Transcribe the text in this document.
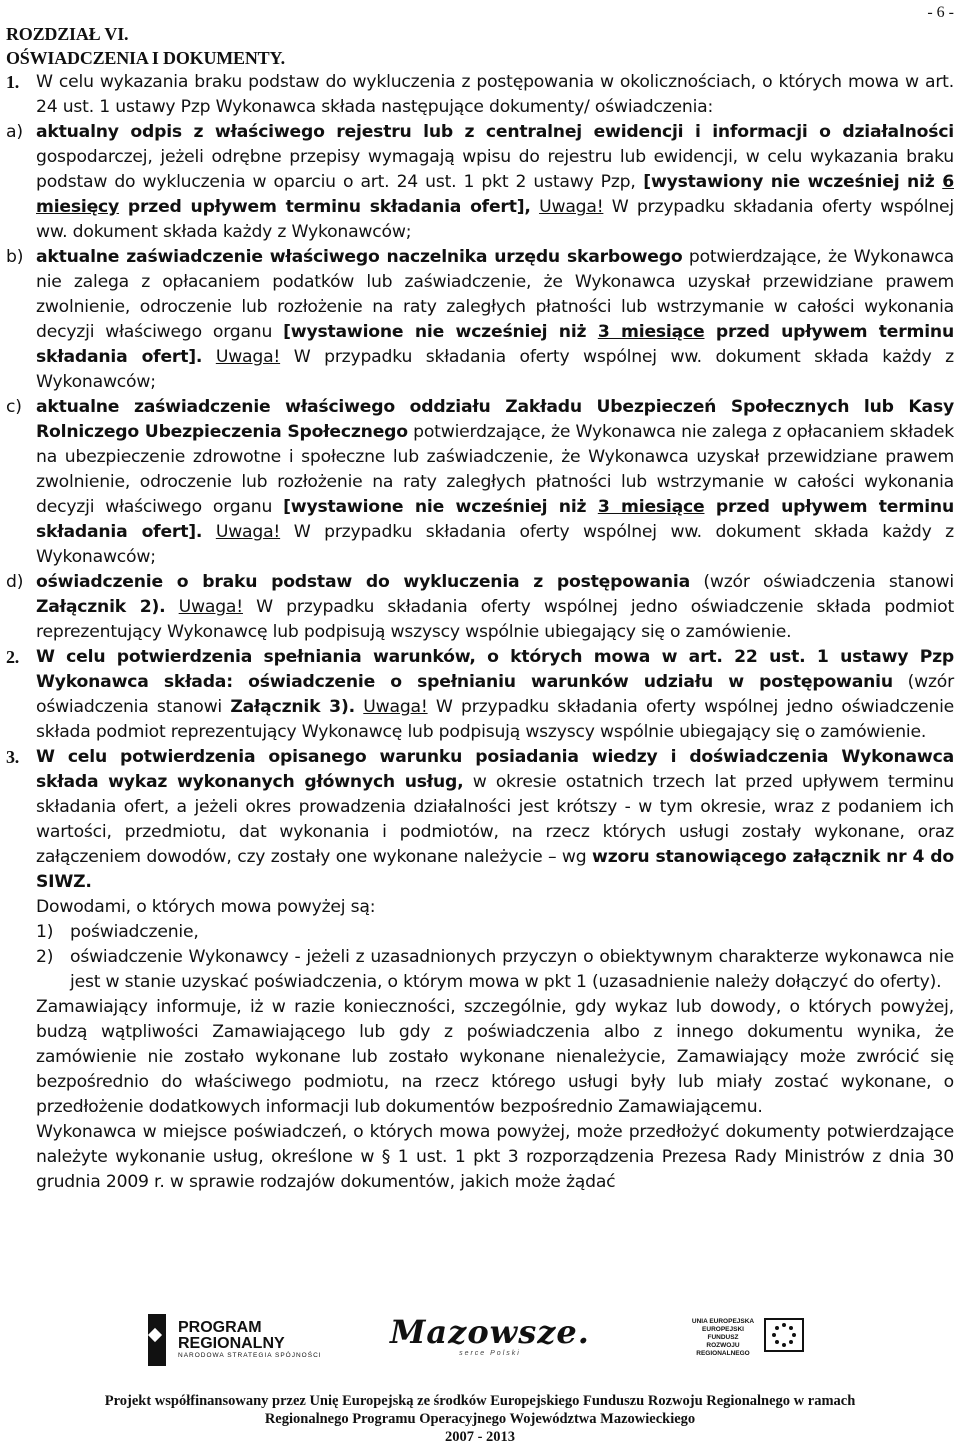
- 6 -
ROZDZIAŁ VI.
OŚWIADCZENIA I DOKUMENTY.
1. W celu wykazania braku podstaw do wykluczenia z postępowania w okolicznościach, o których mowa w art. 24 ust. 1 ustawy Pzp Wykonawca składa następujące dokumenty/ oświadczenia:
a) aktualny odpis z właściwego rejestru lub z centralnej ewidencji i informacji o działalności gospodarczej, jeżeli odrębne przepisy wymagają wpisu do rejestru lub ewidencji, w celu wykazania braku podstaw do wykluczenia w oparciu o art. 24 ust. 1 pkt 2 ustawy Pzp, [wystawiony nie wcześniej niż 6 miesięcy przed upływem terminu składania ofert], Uwaga! W przypadku składania oferty wspólnej ww. dokument składa każdy z Wykonawców;
b) aktualne zaświadczenie właściwego naczelnika urzędu skarbowego potwierdzające, że Wykonawca nie zalega z opłacaniem podatków lub zaświadczenie, że Wykonawca uzyskał przewidziane prawem zwolnienie, odroczenie lub rozłożenie na raty zaległych płatności lub wstrzymanie w całości wykonania decyzji właściwego organu [wystawione nie wcześniej niż 3 miesiące przed upływem terminu składania ofert]. Uwaga! W przypadku składania oferty wspólnej ww. dokument składa każdy z Wykonawców;
c) aktualne zaświadczenie właściwego oddziału Zakładu Ubezpieczeń Społecznych lub Kasy Rolniczego Ubezpieczenia Społecznego potwierdzające, że Wykonawca nie zalega z opłacaniem składek na ubezpieczenie zdrowotne i społeczne lub zaświadczenie, że Wykonawca uzyskał przewidziane prawem zwolnienie, odroczenie lub rozłożenie na raty zaległych płatności lub wstrzymanie w całości wykonania decyzji właściwego organu [wystawione nie wcześniej niż 3 miesiące przed upływem terminu składania ofert]. Uwaga! W przypadku składania oferty wspólnej ww. dokument składa każdy z Wykonawców;
d) oświadczenie o braku podstaw do wykluczenia z postępowania (wzór oświadczenia stanowi Załącznik 2). Uwaga! W przypadku składania oferty wspólnej jedno oświadczenie składa podmiot reprezentujący Wykonawcę lub podpisują wszyscy wspólnie ubiegający się o zamówienie.
2. W celu potwierdzenia spełniania warunków, o których mowa w art. 22 ust. 1 ustawy Pzp Wykonawca składa: oświadczenie o spełnianiu warunków udziału w postępowaniu (wzór oświadczenia stanowi Załącznik 3). Uwaga! W przypadku składania oferty wspólnej jedno oświadczenie składa podmiot reprezentujący Wykonawcę lub podpisują wszyscy wspólnie ubiegający się o zamówienie.
3. W celu potwierdzenia opisanego warunku posiadania wiedzy i doświadczenia Wykonawca składa wykaz wykonanych głównych usług, w okresie ostatnich trzech lat przed upływem terminu składania ofert, a jeżeli okres prowadzenia działalności jest krótszy - w tym okresie, wraz z podaniem ich wartości, przedmiotu, dat wykonania i podmiotów, na rzecz których usługi zostały wykonane, oraz załączeniem dowodów, czy zostały one wykonane należycie – wg wzoru stanowiącego załącznik nr 4 do SIWZ.
Dowodami, o których mowa powyżej są:
1) poświadczenie,
2) oświadczenie Wykonawcy - jeżeli z uzasadnionych przyczyn o obiektywnym charakterze wykonawca nie jest w stanie uzyskać poświadczenia, o którym mowa w pkt 1 (uzasadnienie należy dołączyć do oferty).
Zamawiający informuje, iż w razie konieczności, szczególnie, gdy wykaz lub dowody, o których powyżej, budzą wątpliwości Zamawiającego lub gdy z poświadczenia albo z innego dokumentu wynika, że zamówienie nie zostało wykonane lub zostało wykonane nienależycie, Zamawiający może zwrócić się bezpośrednio do właściwego podmiotu, na rzecz którego usługi były lub miały zostać wykonane, o przedłożenie dodatkowych informacji lub dokumentów bezpośrednio Zamawiającemu.
Wykonawca w miejsce poświadczeń, o których mowa powyżej, może przedłożyć dokumenty potwierdzające należyte wykonanie usług, określone w § 1 ust. 1 pkt 3 rozporządzenia Prezesa Rady Ministrów z dnia 30 grudnia 2009 r. w sprawie rodzajów dokumentów, jakich może żądać
PROGRAM
REGIONALNY
NARODOWA STRATEGIA SPÓJNOŚCI
Mazowsze.
serce Polski
UNIA EUROPEJSKA
EUROPEJSKI FUNDUSZ
ROZWOJU REGIONALNEGO
Projekt współfinansowany przez Unię Europejską ze środków Europejskiego Funduszu Rozwoju Regionalnego w ramach
Regionalnego Programu Operacyjnego Województwa Mazowieckiego
2007 - 2013
